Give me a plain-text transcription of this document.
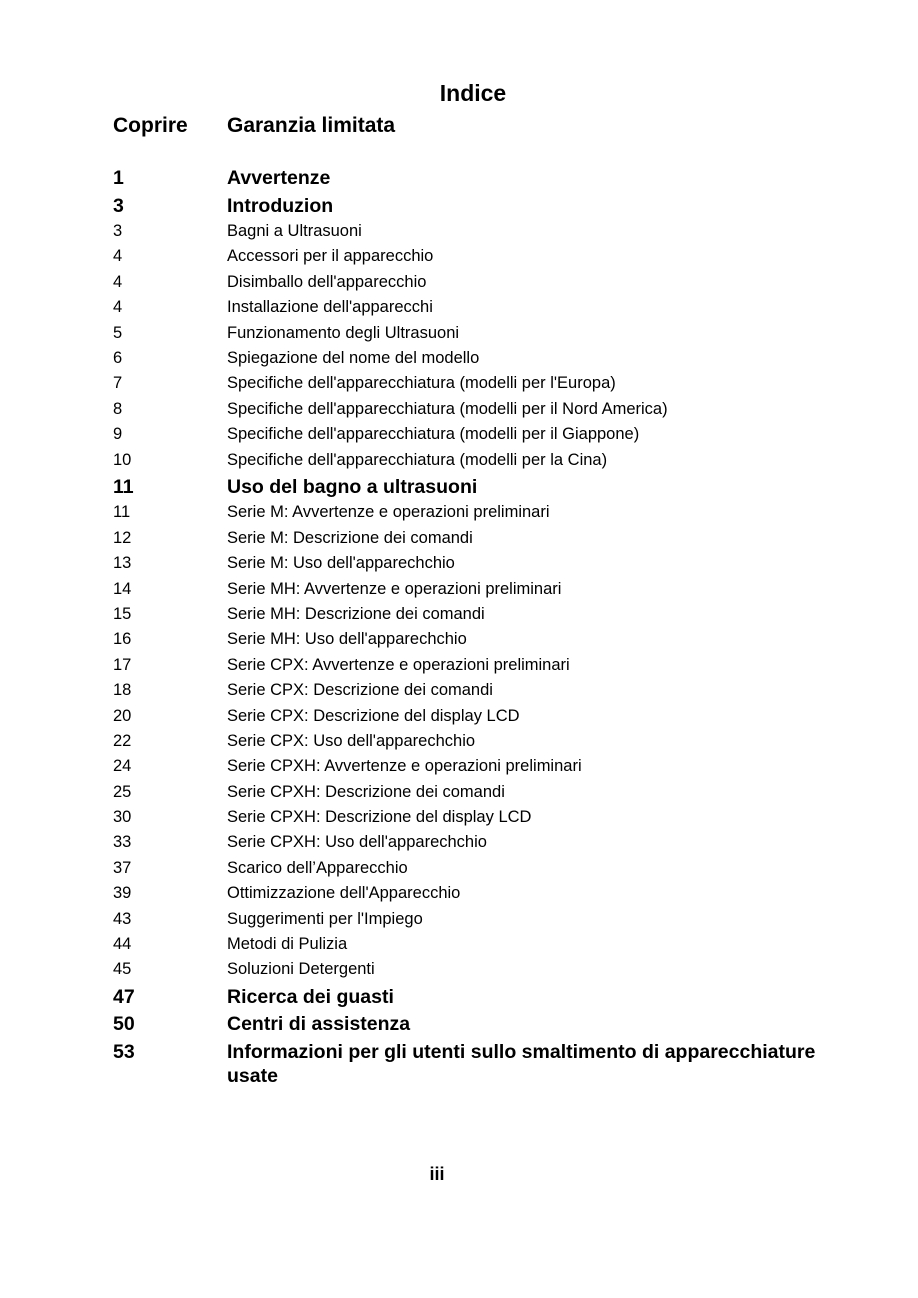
Indice
Coprire Garanzia limitata
1	Avvertenze
3	Introduzion
3	Bagni a Ultrasuoni
4	Accessori per il apparecchio
4	Disimballo dell'apparecchio
4	Installazione dell'apparecchi
5	Funzionamento degli Ultrasuoni
6	Spiegazione del nome del modello
7	Specifiche dell'apparecchiatura (modelli per l'Europa)
8	Specifiche dell'apparecchiatura (modelli per il Nord America)
9	Specifiche dell'apparecchiatura (modelli per il Giappone)
10	Specifiche dell'apparecchiatura (modelli per la Cina)
11	Uso del bagno a ultrasuoni
11	Serie M: Avvertenze e operazioni preliminari
12	Serie M: Descrizione dei comandi
13	Serie M: Uso dell'apparechchio
14	Serie MH: Avvertenze e operazioni preliminari
15	Serie MH: Descrizione dei comandi
16	Serie MH: Uso dell'apparechchio
17	Serie CPX: Avvertenze e operazioni preliminari
18	Serie CPX: Descrizione dei comandi
20	Serie CPX: Descrizione del display LCD
22	Serie CPX: Uso dell'apparechchio
24	Serie CPXH: Avvertenze e operazioni preliminari
25	Serie CPXH: Descrizione dei comandi
30	Serie CPXH: Descrizione del display LCD
33	Serie CPXH: Uso dell'apparechchio
37	Scarico dell’Apparecchio
39	Ottimizzazione dell'Apparecchio
43	Suggerimenti per l'Impiego
44	Metodi di Pulizia
45	Soluzioni Detergenti
47	Ricerca dei guasti
50	Centri di assistenza
53	Informazioni per gli utenti sullo smaltimento di apparecchiature usate
iii
